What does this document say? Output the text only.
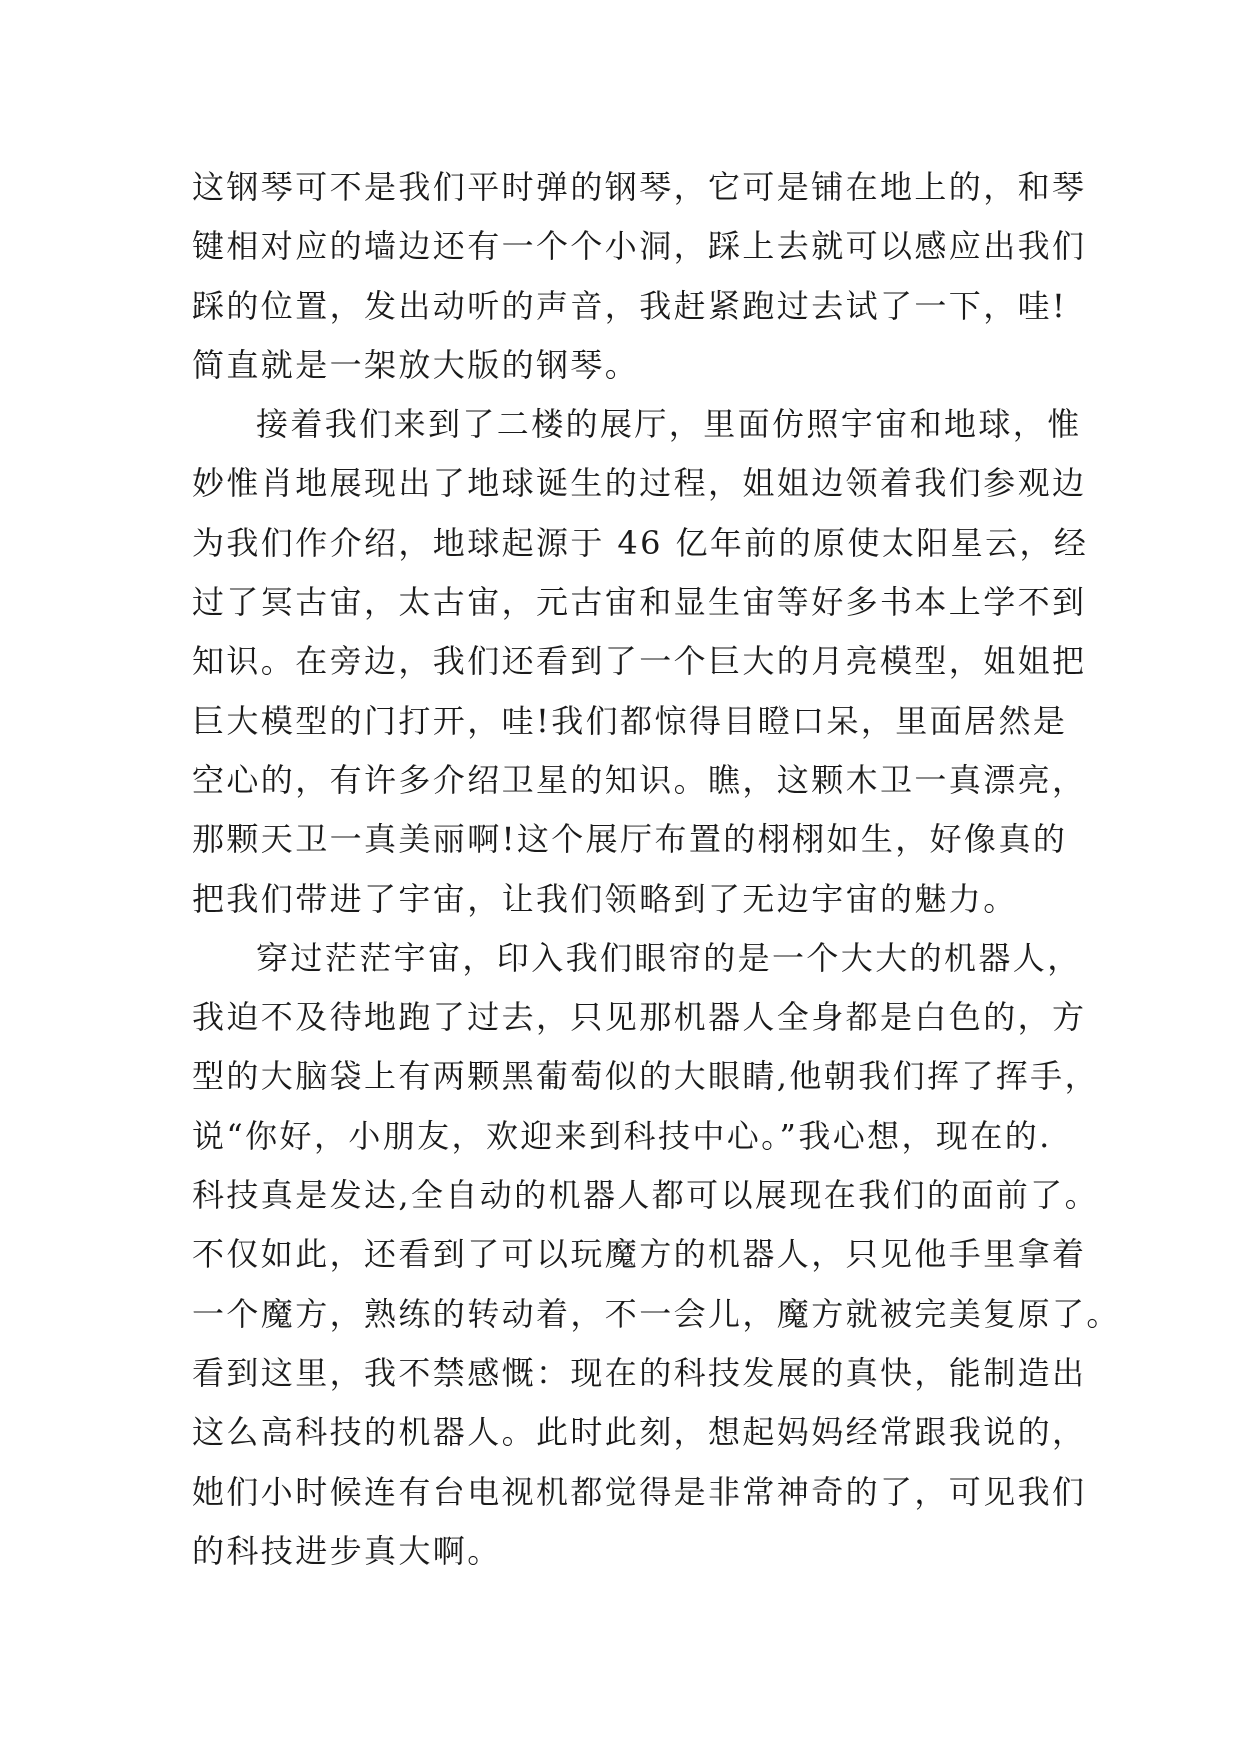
这钢琴可不是我们平时弹的钢琴，它可是铺在地上的，和琴
键相对应的墙边还有一个个小洞，踩上去就可以感应出我们
踩的位置，发出动听的声音，我赶紧跑过去试了一下，哇!
简直就是一架放大版的钢琴。
接着我们来到了二楼的展厅，里面仿照宇宙和地球，惟
妙惟肖地展现出了地球诞生的过程，姐姐边领着我们参观边
为我们作介绍，地球起源于 46 亿年前的原使太阳星云，经
过了冥古宙，太古宙，元古宙和显生宙等好多书本上学不到
知识。在旁边，我们还看到了一个巨大的月亮模型，姐姐把
巨大模型的门打开，哇!我们都惊得目瞪口呆，里面居然是
空心的，有许多介绍卫星的知识。瞧，这颗木卫一真漂亮，
那颗天卫一真美丽啊!这个展厅布置的栩栩如生，好像真的
把我们带进了宇宙，让我们领略到了无边宇宙的魅力。
穿过茫茫宇宙，印入我们眼帘的是一个大大的机器人，
我迫不及待地跑了过去，只见那机器人全身都是白色的，方
型的大脑袋上有两颗黑葡萄似的大眼睛,他朝我们挥了挥手，
说“你好，小朋友，欢迎来到科技中心。”我心想，现在的.
科技真是发达,全自动的机器人都可以展现在我们的面前了。
不仅如此，还看到了可以玩魔方的机器人，只见他手里拿着
一个魔方，熟练的转动着，不一会儿，魔方就被完美复原了。
看到这里，我不禁感慨：现在的科技发展的真快，能制造出
这么高科技的机器人。此时此刻，想起妈妈经常跟我说的，
她们小时候连有台电视机都觉得是非常神奇的了，可见我们
的科技进步真大啊。
